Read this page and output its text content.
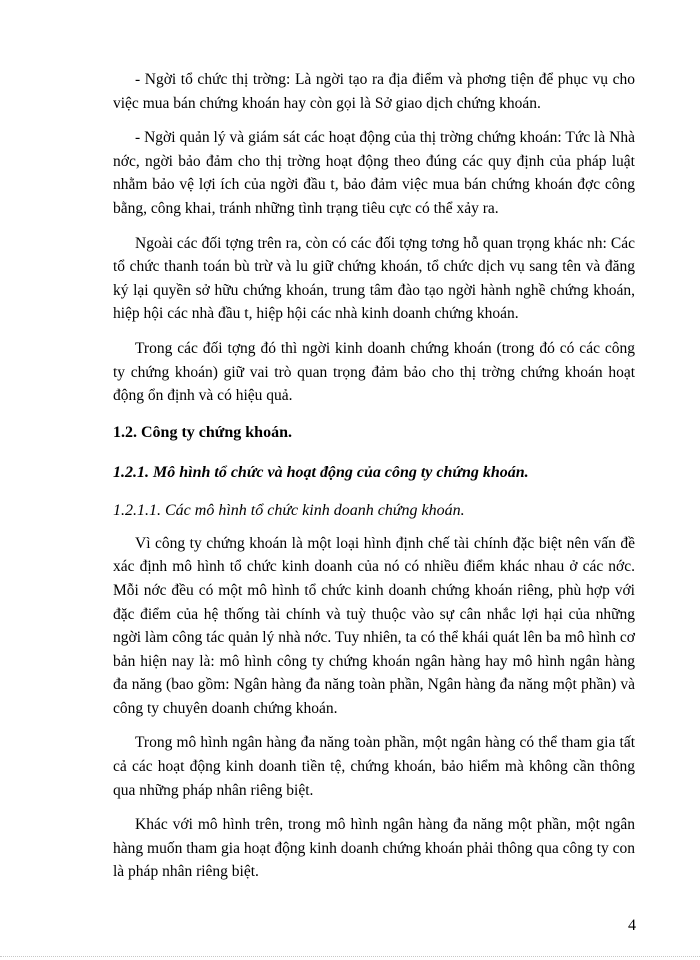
- Ngời tổ chức thị trờng: Là ngời tạo ra địa điểm và phơng tiện để phục vụ cho việc mua bán chứng khoán hay còn gọi là Sở giao dịch chứng khoán.

- Ngời quản lý và giám sát các hoạt động của thị trờng chứng khoán: Tức là Nhà nớc, ngời bảo đảm cho thị trờng hoạt động theo đúng các quy định của pháp luật nhằm bảo vệ lợi ích của ngời đầu t, bảo đảm việc mua bán chứng khoán đợc công bằng, công khai, tránh những tình trạng tiêu cực có thể xảy ra.

Ngoài các đối tợng trên ra, còn có các đối tợng tơng hỗ quan trọng khác nh: Các tổ chức thanh toán bù trừ và lu giữ chứng khoán, tổ chức dịch vụ sang tên và đăng ký lại quyền sở hữu chứng khoán, trung tâm đào tạo ngời hành nghề chứng khoán, hiệp hội các nhà đầu t, hiệp hội các nhà kinh doanh chứng khoán.

Trong các đối tợng đó thì ngời kinh doanh chứng khoán (trong đó có các công ty chứng khoán) giữ vai trò quan trọng đảm bảo cho thị trờng chứng khoán hoạt động ổn định và có hiệu quả.

1.2. Công ty chứng khoán.
1.2.1. Mô hình tổ chức và hoạt động của công ty chứng khoán.
1.2.1.1. Các mô hình tổ chức kinh doanh chứng khoán.

Vì công ty chứng khoán là một loại hình định chế tài chính đặc biệt nên vấn đề xác định mô hình tổ chức kinh doanh của nó có nhiều điểm khác nhau ở các nớc. Mỗi nớc đều có một mô hình tổ chức kinh doanh chứng khoán riêng, phù hợp với đặc điểm của hệ thống tài chính và tuỳ thuộc vào sự cân nhắc lợi hại của những ngời làm công tác quản lý nhà nớc. Tuy nhiên, ta có thể khái quát lên ba mô hình cơ bản hiện nay là: mô hình công ty chứng khoán ngân hàng hay mô hình ngân hàng đa năng (bao gồm: Ngân hàng đa năng toàn phần, Ngân hàng đa năng một phần) và công ty chuyên doanh chứng khoán.

Trong mô hình ngân hàng đa năng toàn phần, một ngân hàng có thể tham gia tất cả các hoạt động kinh doanh tiền tệ, chứng khoán, bảo hiểm mà không cần thông qua những pháp nhân riêng biệt.

Khác với mô hình trên, trong mô hình ngân hàng đa năng một phần, một ngân hàng muốn tham gia hoạt động kinh doanh chứng khoán phải thông qua công ty con là pháp nhân riêng biệt.

4
